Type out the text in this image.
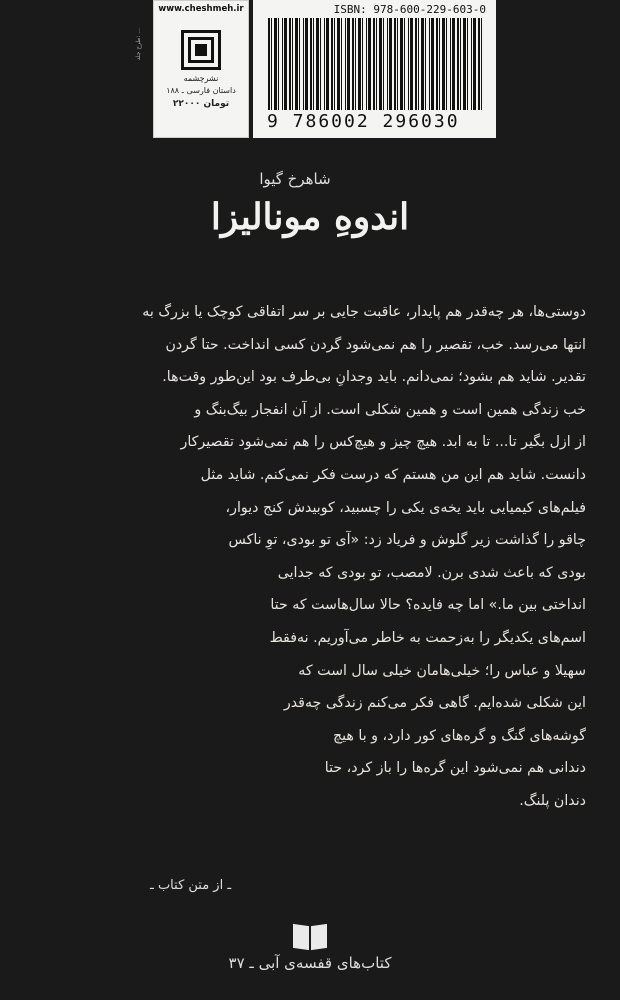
www.cheshmeh.ir
نشرچشمه
داستان فارسی ـ ۱۸۸
۲۲۰۰۰ تومان
طرح جلد: ...
ISBN: 978-600-229-603-0
9 786002 296030
شاهرخ گیوا
اندوهِ مونالیزا
دوستی‌ها، هر چه‌قدر هم پایدار، عاقبت جایی بر سر اتفاقی کوچک یا بزرگ به
انتها می‌رسد. خب، تقصیر را هم نمی‌شود گردن کسی انداخت. حتا گردن
تقدیر. شاید هم بشود؛ نمی‌دانم. باید وجدانِ بی‌طرف بود این‌طور وقت‌ها.
خب زندگی همین است و همین شکلی است. از آن انفجار بیگ‌بنگ و
از ازل بگیر تا... تا به ابد. هیچ چیز و هیچ‌کس را هم نمی‌شود تقصیرکار
دانست. شاید هم این من هستم که درست فکر نمی‌کنم. شاید مثل
فیلم‌های کیمیایی باید یخه‌ی یکی را چسبید، کوبیدش کنج دیوار،
چاقو را گذاشت زیر گلوش و فریاد زد: «آی تو بودی، توِ ناکس
بودی که باعث شدی برن. لامصب، تو بودی که جدایی
انداختی بین ما.» اما چه فایده؟ حالا سال‌هاست که حتا
اسم‌های یکدیگر را به‌زحمت به خاطر می‌آوریم. نه‌فقط
سهیلا و عباس را؛ خیلی‌هامان خیلی سال است که
این شکلی شده‌ایم. گاهی فکر می‌کنم زندگی چه‌قدر
گوشه‌های گنگ و گره‌های کور دارد، و با هیچ
دندانی هم نمی‌شود این گره‌ها را باز کرد، حتا
دندان پلنگ.
ـ از متن کتاب ـ
کتاب‌های قفسه‌ی آبی ـ ۳۷
